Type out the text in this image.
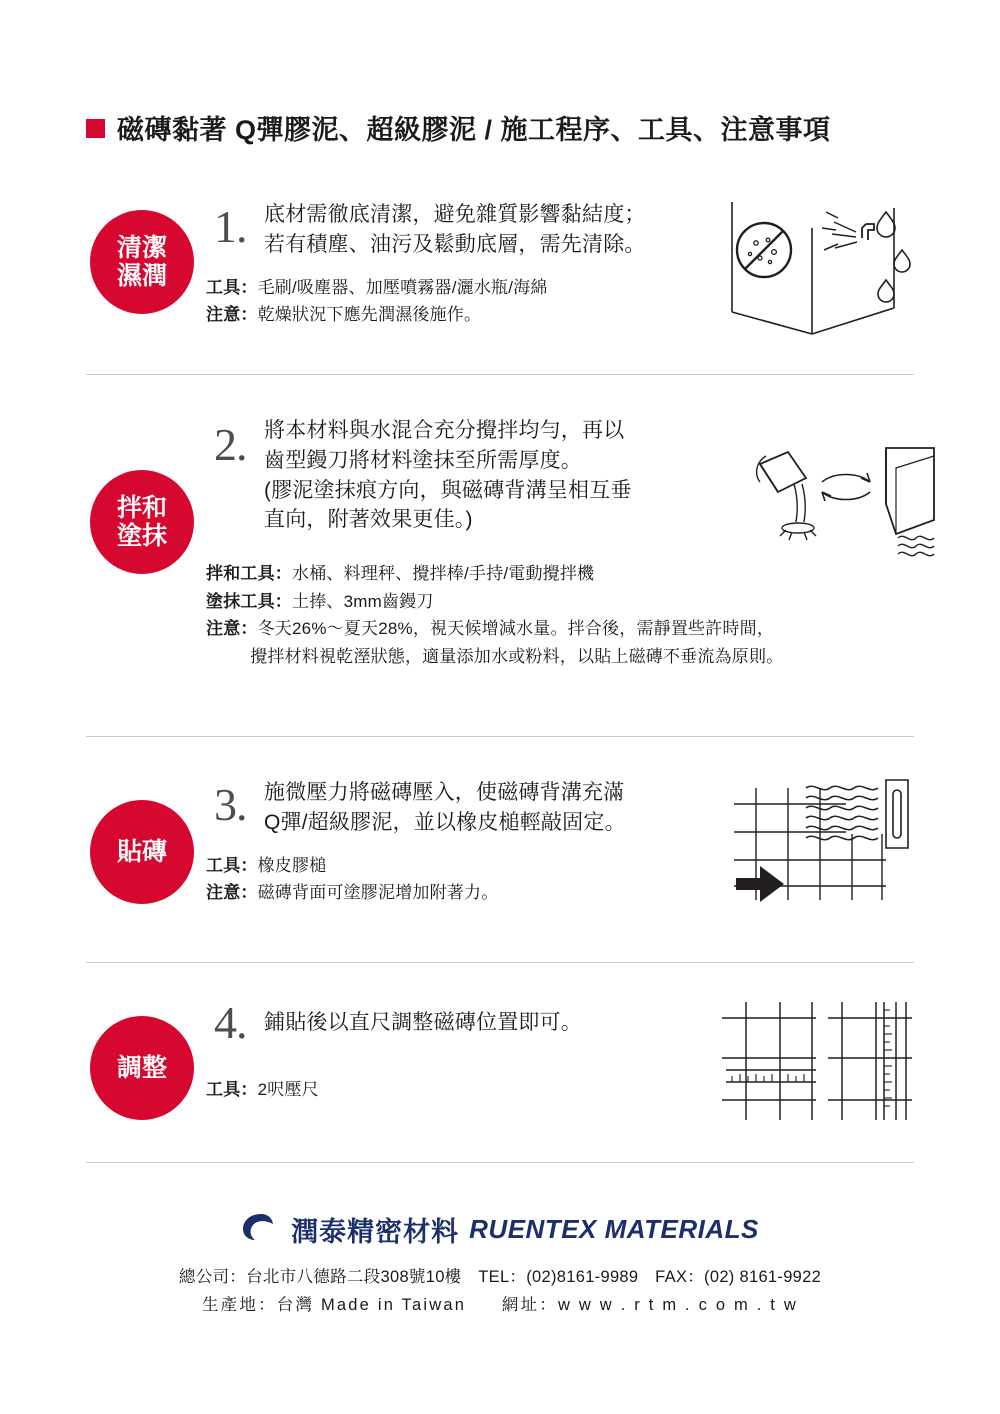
磁磚黏著 Q彈膠泥、超級膠泥 / 施工程序、工具、注意事項
清潔
濕潤
1. 底材需徹底清潔，避免雜質影響黏結度；
若有積塵、油污及鬆動底層，需先清除。
工具：毛刷/吸塵器、加壓噴霧器/灑水瓶/海綿
注意：乾燥狀況下應先潤濕後施作。
拌和
塗抹
2. 將本材料與水混合充分攪拌均勻，再以
齒型鏝刀將材料塗抹至所需厚度。
(膠泥塗抹痕方向，與磁磚背溝呈相互垂
直向，附著效果更佳。)
拌和工具：水桶、料理秤、攪拌棒/手持/電動攪拌機
塗抹工具：土捧、3mm齒鏝刀
注意：冬天26%～夏天28%，視天候增減水量。拌合後，需靜置些許時間，
攪拌材料視乾溼狀態，適量添加水或粉料，以貼上磁磚不垂流為原則。
貼磚
3. 施微壓力將磁磚壓入，使磁磚背溝充滿
Q彈/超級膠泥，並以橡皮槌輕敲固定。
工具：橡皮膠槌
注意：磁磚背面可塗膠泥增加附著力。
調整
4. 鋪貼後以直尺調整磁磚位置即可。
工具：2呎壓尺
潤泰精密材料 RUENTEX MATERIALS
總公司：台北市八德路二段308號10樓　TEL：(02)8161-9989　FAX：(02) 8161-9922
生產地：台灣 Made in Taiwan 網址：w w w . r t m . c o m . t w
